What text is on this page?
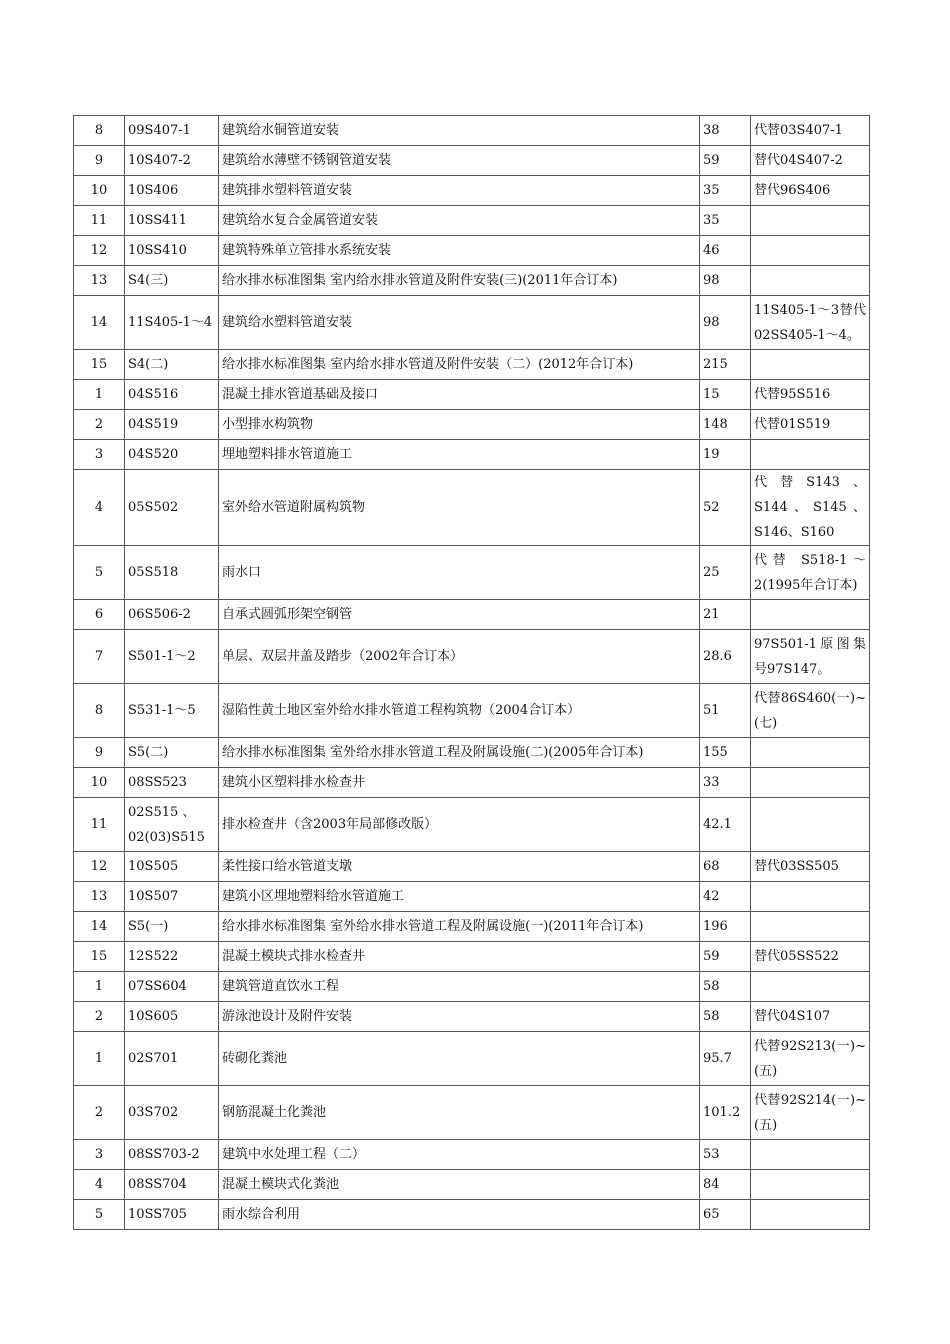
8	09S407-1	建筑给水铜管道安装	38	代替03S407-1
9	10S407-2	建筑给水薄壁不锈钢管道安装	59	替代04S407-2
10	10S406	建筑排水塑料管道安装	35	替代96S406
11	10SS411	建筑给水复合金属管道安装	35	
12	10SS410	建筑特殊单立管排水系统安装	46	
13	S4(三)	给水排水标准图集 室内给水排水管道及附件安装(三)(2011年合订本)	98	
14	11S405-1～4	建筑给水塑料管道安装	98	11S405-1～3替代02SS405-1～4。
15	S4(二)	给水排水标准图集 室内给水排水管道及附件安装（二）(2012年合订本)	215	
1	04S516	混凝土排水管道基础及接口	15	代替95S516
2	04S519	小型排水构筑物	148	代替01S519
3	04S520	埋地塑料排水管道施工	19	
4	05S502	室外给水管道附属构筑物	52	代替S143、S144、S145、S146、S160
5	05S518	雨水口	25	代替 S518-1～2(1995年合订本)
6	06S506-2	自承式圆弧形架空钢管	21	
7	S501-1～2	单层、双层井盖及踏步（2002年合订本）	28.6	97S501-1原图集号97S147。
8	S531-1～5	湿陷性黄土地区室外给水排水管道工程构筑物（2004合订本）	51	代替86S460(一)~(七)
9	S5(二)	给水排水标准图集 室外给水排水管道工程及附属设施(二)(2005年合订本)	155	
10	08SS523	建筑小区塑料排水检查井	33	
11	02S515 、02(03)S515	排水检查井（含2003年局部修改版）	42.1	
12	10S505	柔性接口给水管道支墩	68	替代03SS505
13	10S507	建筑小区埋地塑料给水管道施工	42	
14	S5(一)	给水排水标准图集 室外给水排水管道工程及附属设施(一)(2011年合订本)	196	
15	12S522	混凝土模块式排水检查井	59	替代05SS522
1	07SS604	建筑管道直饮水工程	58	
2	10S605	游泳池设计及附件安装	58	替代04S107
1	02S701	砖砌化粪池	95.7	代替92S213(一)~(五)
2	03S702	钢筋混凝土化粪池	101.2	代替92S214(一)~(五)
3	08SS703-2	建筑中水处理工程（二）	53	
4	08SS704	混凝土模块式化粪池	84	
5	10SS705	雨水综合利用	65	
